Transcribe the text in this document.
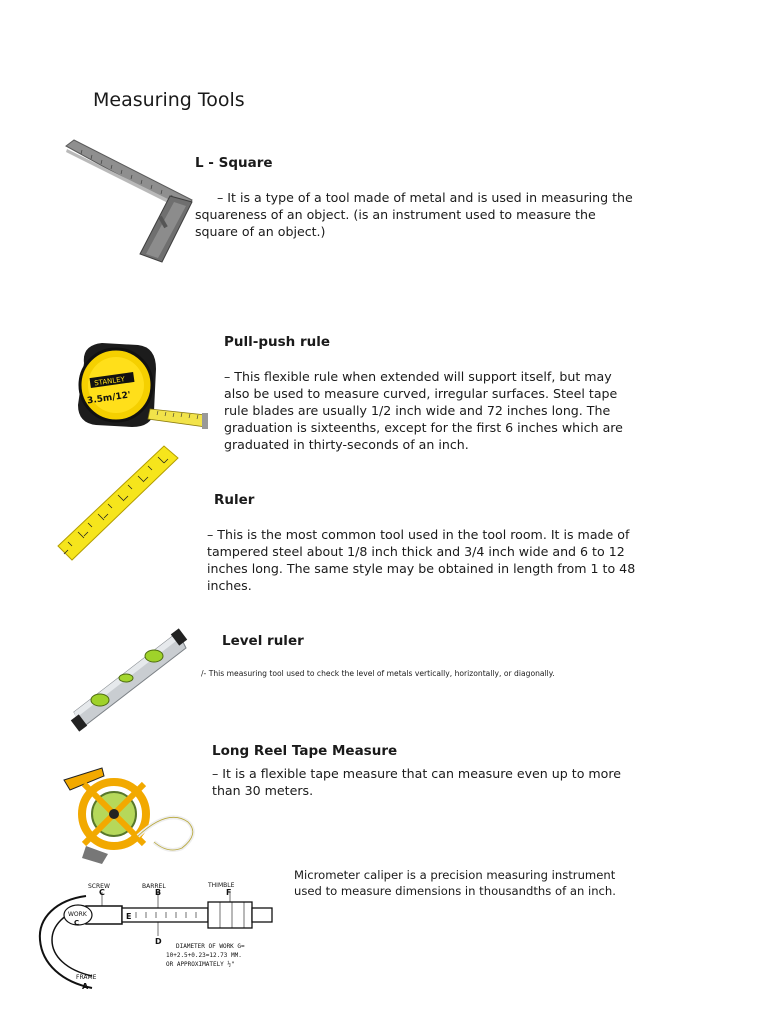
Measuring Tools
L - Square
– It is a type of a tool made of metal and is used in measuring the squareness of an object. (is an instrument used to measure the square of an object.)
STANLEY
3.5m/12'
Pull-push rule
– This flexible rule when extended will support itself, but may also be used to measure curved, irregular surfaces. Steel tape rule blades are usually 1/2 inch wide and 72 inches long. The graduation is sixteenths, except for the first 6 inches which are graduated in thirty-seconds of an inch.
Ruler
– This is the most common tool used in the tool room. It is made of tampered steel about 1/8 inch thick and 3/4 inch wide and 6 to 12 inches long. The same style may be obtained in length from 1 to 48 inches.
Level ruler
/- This measuring tool used to check the level of metals vertically, horizontally, or diagonally.
Long Reel Tape Measure
– It is a flexible tape measure that can measure even up to more than 30 meters.
SCREW
C
BARREL
B
THIMBLE
F
WORK
C
E
D
FRAME
A
DIAMETER OF WORK G=
10+2.5+0.23=12.73 MM.
OR APPROXIMATELY ½"
Micrometer caliper is a precision measuring instrument used to measure dimensions in thousandths of an inch.
